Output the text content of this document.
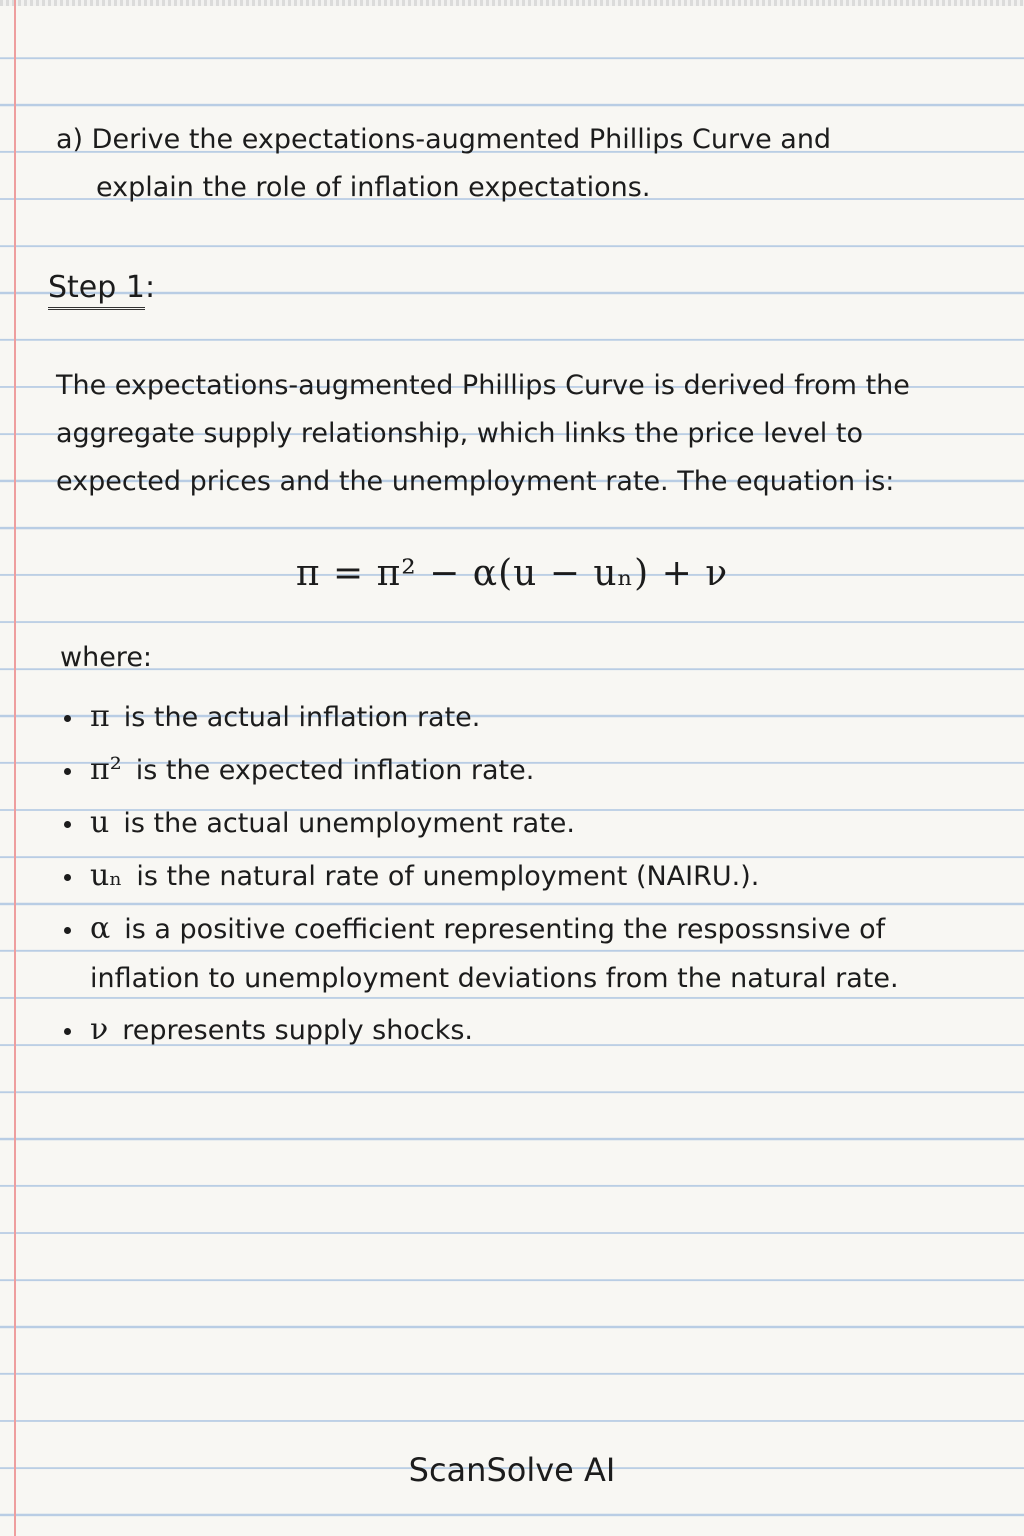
a) Derive the expectations-augmented Phillips Curve and

explain the role of inflation expectations.

Step 1:

The expectations-augmented Phillips Curve is derived from the

aggregate supply relationship, which links the price level to

expected prices and the unemployment rate. The equation is:

π = π² − α(u − uₙ) + ν

where:

π is the actual inflation rate.
π² is the expected inflation rate.
u is the actual unemployment rate.
uₙ is the natural rate of unemployment (NAIRU.).
α is a positive coefficient representing the respossnsive of
inflation to unemployment deviations from the natural rate.
ν represents supply shocks.
ScanSolve AI
